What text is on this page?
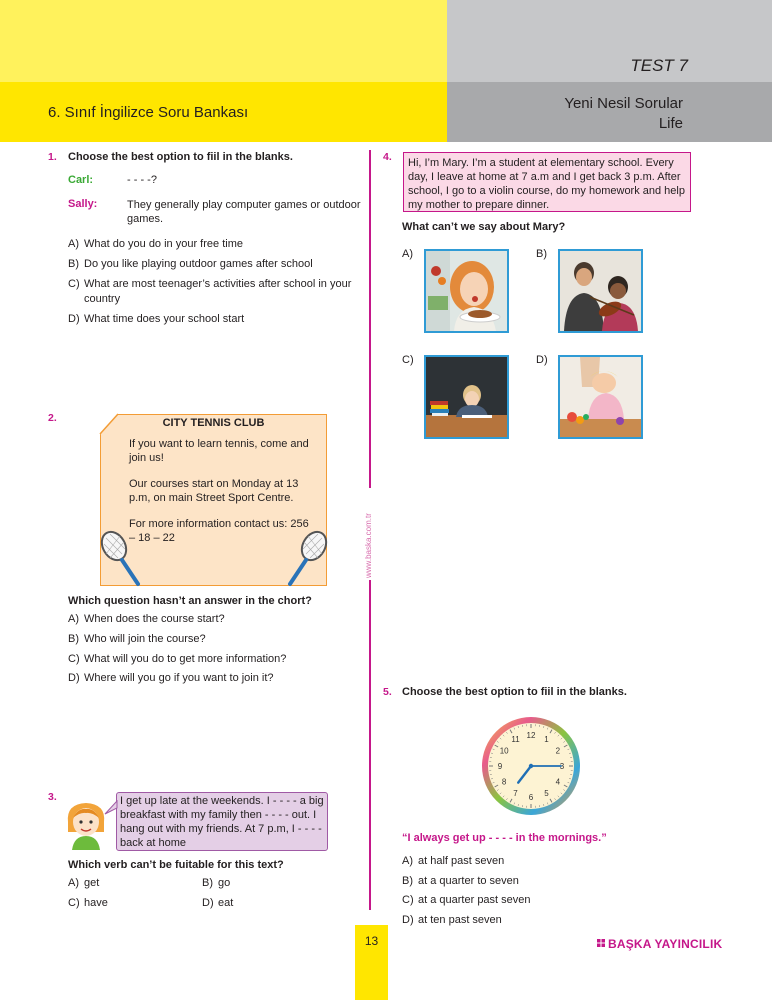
TEST 7
6. Sınıf İngilizce Soru Bankası
Yeni Nesil Sorular
Life
www.baska.com.tr
1. Choose the best option to fiil in the blanks.
Carl:	- - - -?
Sally:	They generally play computer games or outdoor games.
A) What do you do in your free time
B) Do you like playing outdoor games after school
C) What are most teenager’s activities after school in your country
D) What time does your school start
2.	CITY TENNIS CLUB
If you want to learn tennis, come and join us!
Our courses start on Monday at 13 p.m, on main Street Sport Centre.
For more information contact us: 256 – 18 – 22
Which question hasn’t an answer in the chort?
A) When does the course start?
B) Who will join the course?
C) What will you do to get more information?
D) Where will you go if you want to join it?
3.	I get up late at the weekends. I - - - - a big breakfast with my family then - - - - out. I hang out with my friends. At 7 p.m, I - - - - back at home
Which verb can’t be fuitable for this text?
A) get	B) go
C) have	D) eat
4. Hi, I’m Mary. I’m a student at elementary school. Every day, I leave at home at 7 a.m and I get back 3 p.m. After school, I go to a violin course, do my homework and help my mother to prepare dinner.
What can’t we say about Mary?
A)	B)
C)	D)
5. Choose the best option to fiil in the blanks.
12 1
2
3
4
5
6
7
8
9
10
11
“I always get up - - - - in the mornings.”
A) at half past seven
B) at a quarter to seven
C) at a quarter past seven
D) at ten past seven
13	BAŞKA YAYINCILIK
